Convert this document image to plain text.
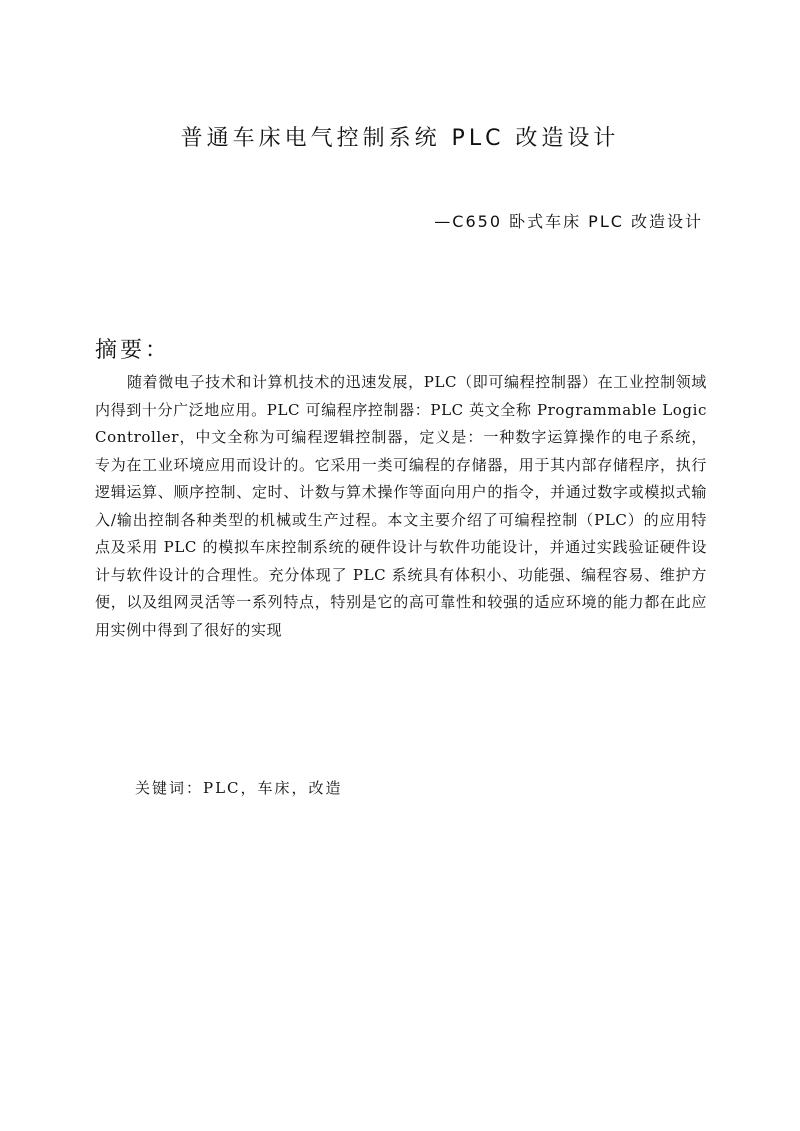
普通车床电气控制系统 PLC 改造设计
—C650 卧式车床 PLC 改造设计
摘要：

随着微电子技术和计算机技术的迅速发展，PLC（即可编程控制器）在工业控制领域内得到十分广泛地应用。PLC 可编程序控制器：PLC 英文全称 Programmable Logic Controller，中文全称为可编程逻辑控制器，定义是：一种数字运算操作的电子系统，专为在工业环境应用而设计的。它采用一类可编程的存储器，用于其内部存储程序，执行逻辑运算、顺序控制、定时、计数与算术操作等面向用户的指令，并通过数字或模拟式输入/输出控制各种类型的机械或生产过程。本文主要介绍了可编程控制（PLC）的应用特点及采用 PLC 的模拟车床控制系统的硬件设计与软件功能设计，并通过实践验证硬件设计与软件设计的合理性。充分体现了 PLC 系统具有体积小、功能强、编程容易、维护方便，以及组网灵活等一系列特点，特别是它的高可靠性和较强的适应环境的能力都在此应用实例中得到了很好的实现

关键词：PLC，车床，改造
